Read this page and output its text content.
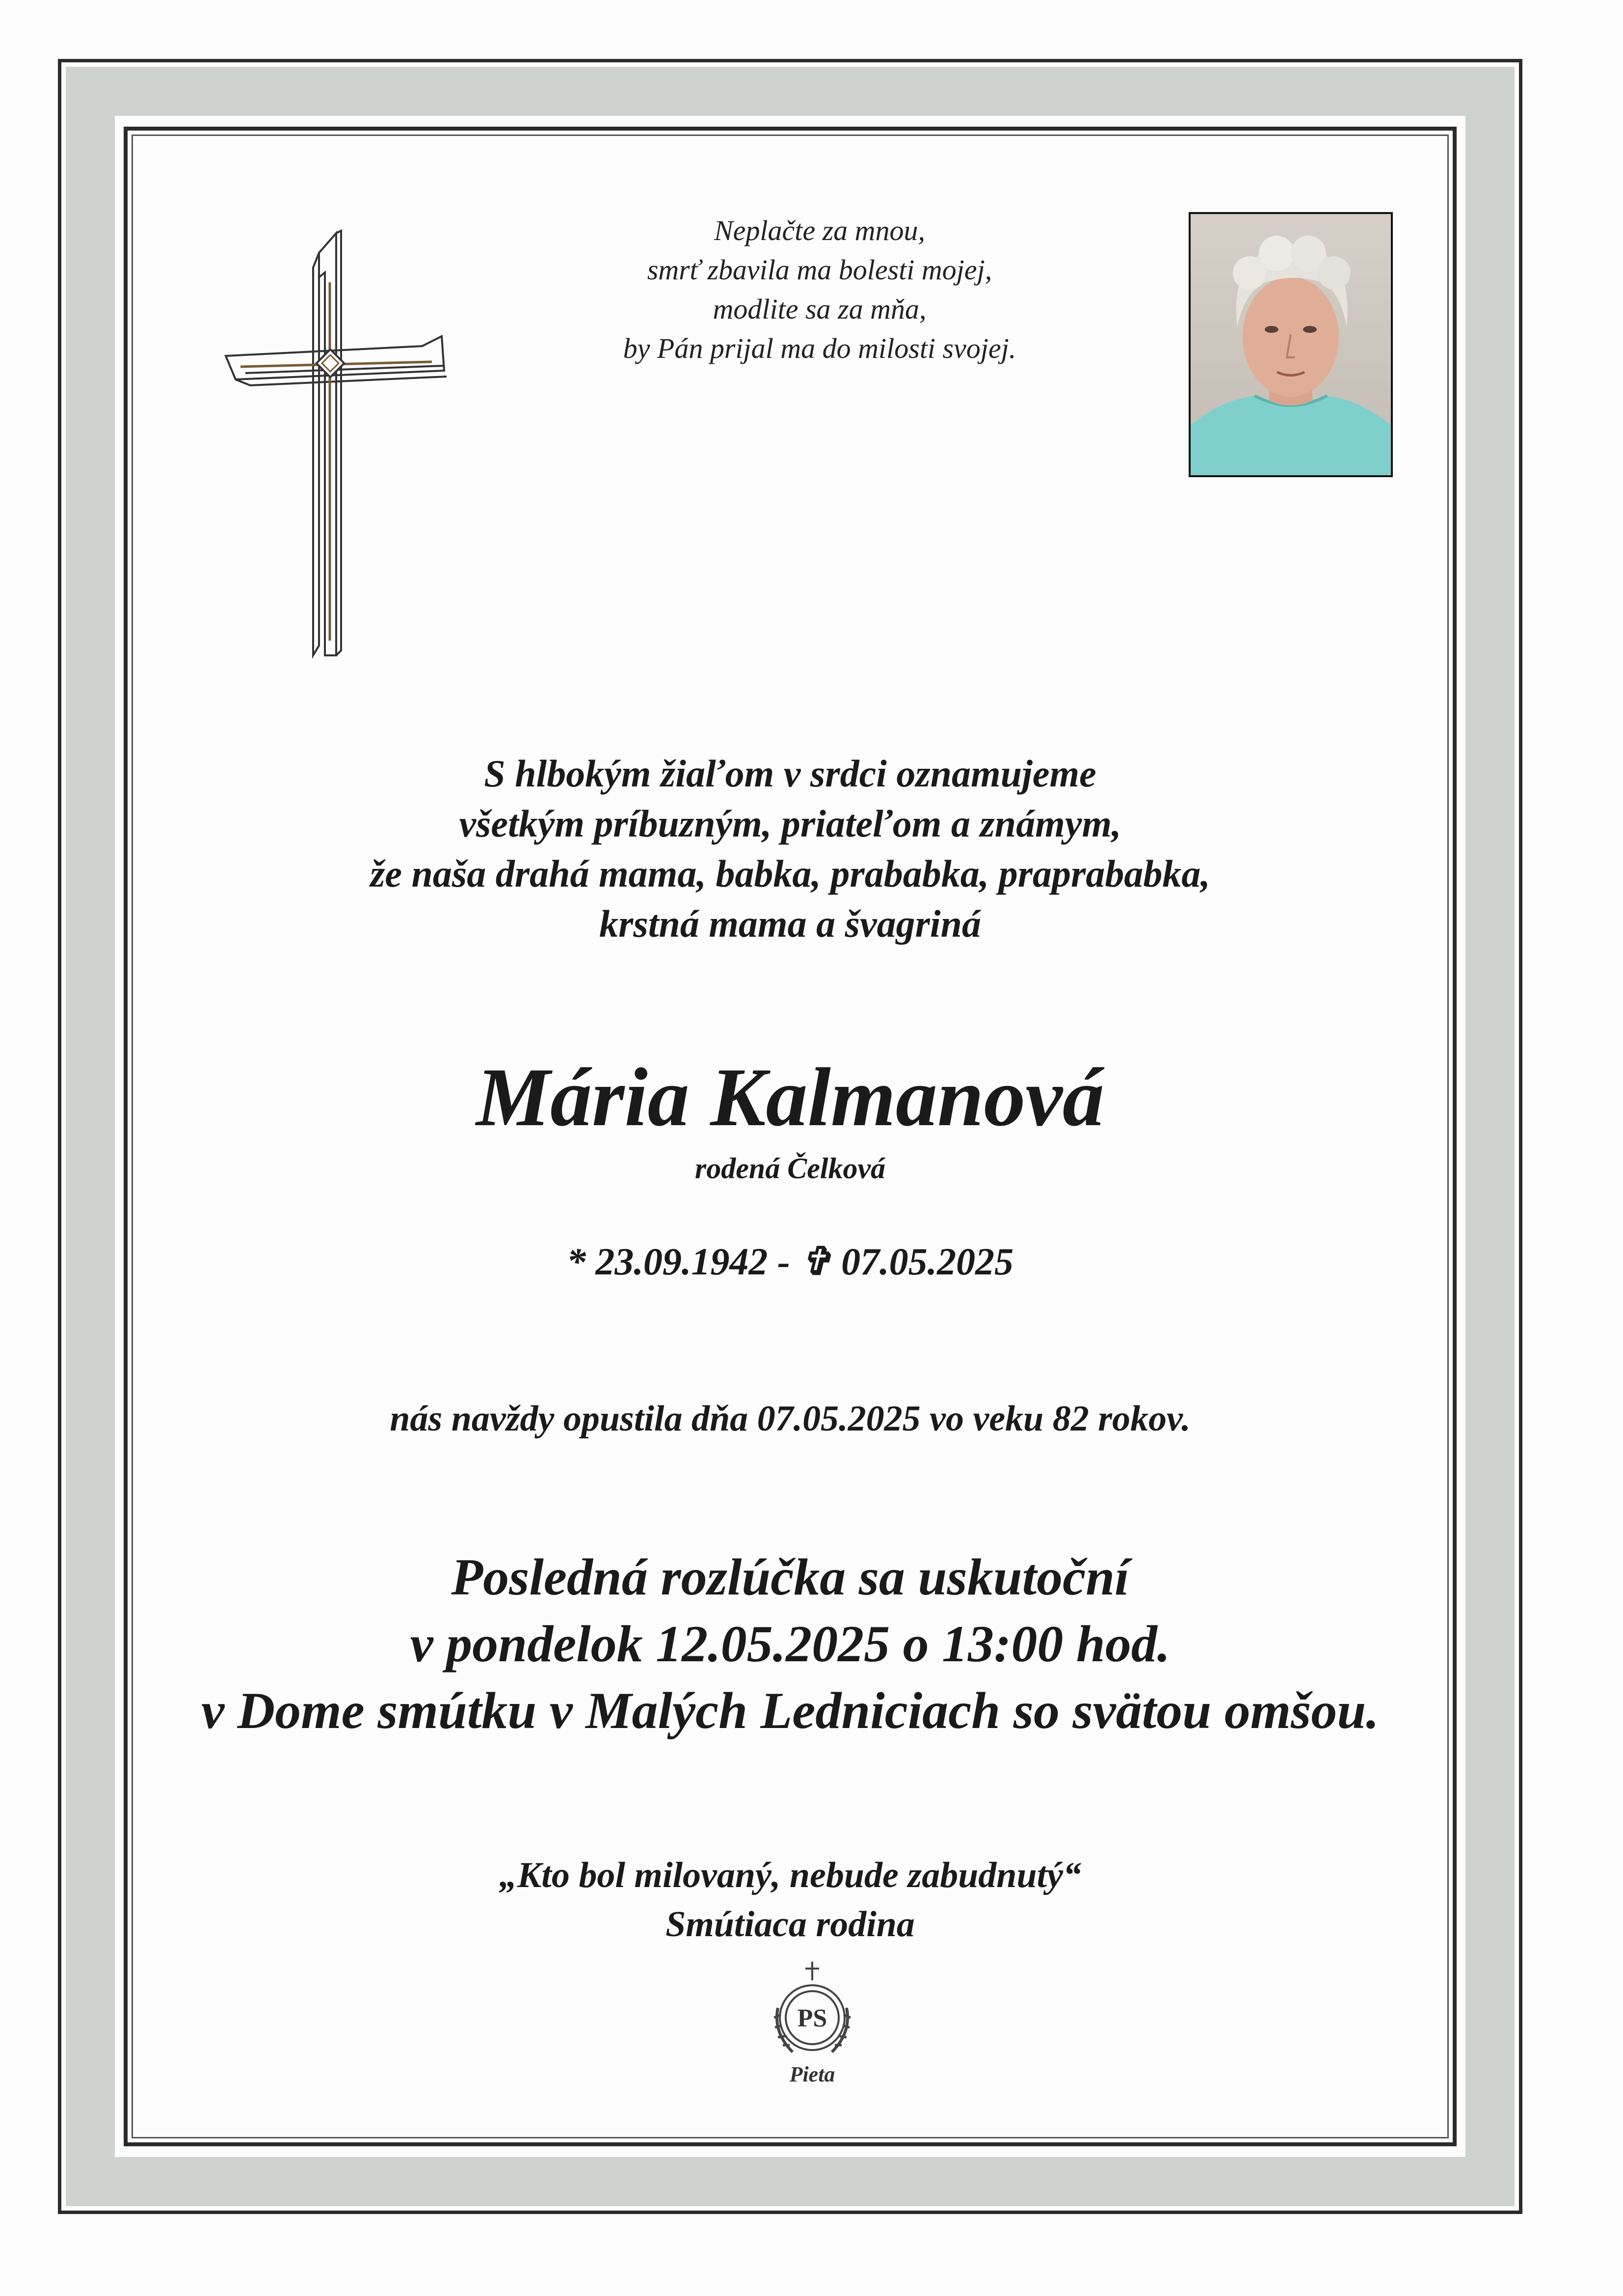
Neplačte za mnou,
smrť zbavila ma bolesti mojej,
modlite sa za mňa,
by Pán prijal ma do milosti svojej.
S hlbokým žiaľom v srdci oznamujeme
všetkým príbuzným, priateľom a známym,
že naša drahá mama, babka, prababka, praprababka,
krstná mama a švagriná
Mária Kalmanová
rodená Čelková
* 23.09.1942 - ✞ 07.05.2025
nás navždy opustila dňa 07.05.2025 vo veku 82 rokov.
Posledná rozlúčka sa uskutoční
v pondelok 12.05.2025 o 13:00 hod.
v Dome smútku v Malých Ledniciach so svätou omšou.
„Kto bol milovaný, nebude zabudnutý“
Smútiaca rodina
PS
Pieta
